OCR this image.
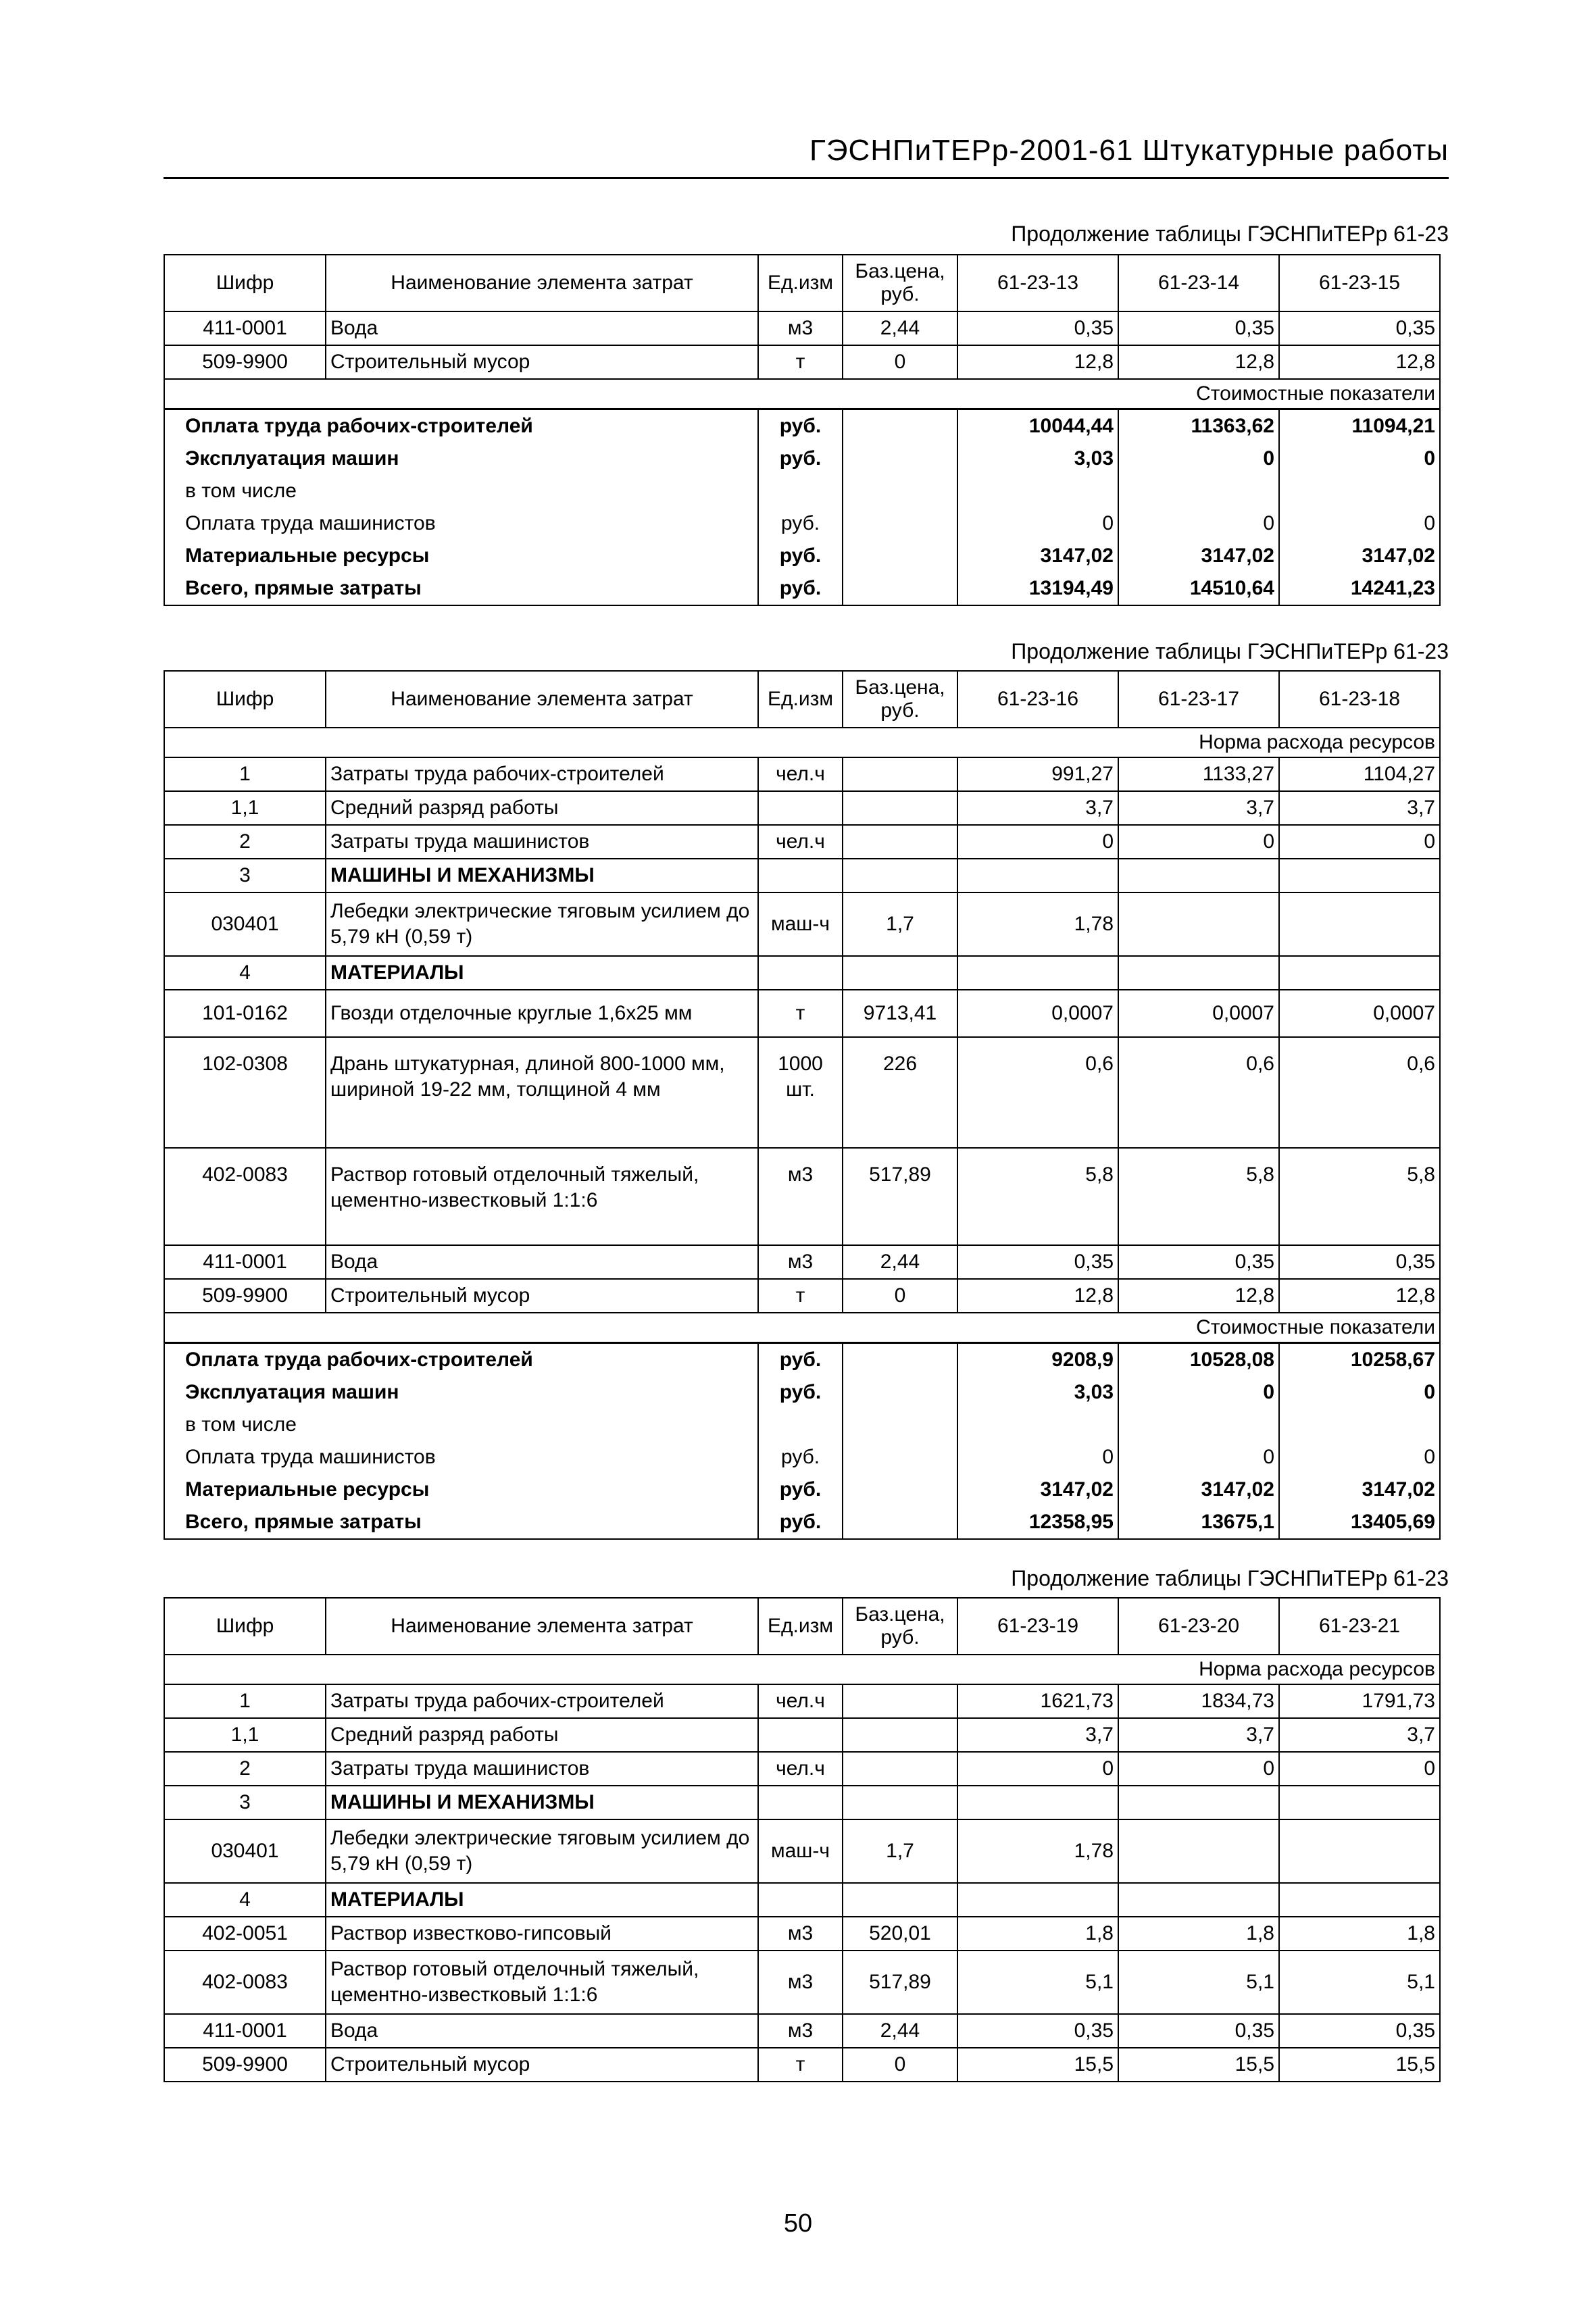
ГЭСНПиТЕРр-2001-61 Штукатурные работы
Продолжение таблицы ГЭСНПиТЕРр 61-23
Шифр	Наименование элемента затрат	Ед.изм	Баз.цена, руб.	61-23-13	61-23-14	61-23-15
411-0001	Вода	м3	2,44	0,35	0,35	0,35
509-9900	Строительный мусор	т	0	12,8	12,8	12,8
Стоимостные показатели						
Оплата труда рабочих-строителей		руб.		10044,44	11363,62	11094,21
Эксплуатация машин		руб.		3,03	0	0
в том числе						
Оплата труда машинистов		руб.		0	0	0
Материальные ресурсы		руб.		3147,02	3147,02	3147,02
Всего, прямые затраты		руб.		13194,49	14510,64	14241,23
Продолжение таблицы ГЭСНПиТЕРр 61-23
Шифр	Наименование элемента затрат	Ед.изм	Баз.цена, руб.	61-23-16	61-23-17	61-23-18
Норма расхода ресурсов						
1	Затраты труда рабочих-строителей	чел.ч		991,27	1133,27	1104,27
1,1	Средний разряд работы			3,7	3,7	3,7
2	Затраты труда машинистов	чел.ч		0	0	0
3	МАШИНЫ И МЕХАНИЗМЫ					
030401	Лебедки электрические тяговым усилием до 5,79 кН (0,59 т)	маш-ч	1,7	1,78		
4	МАТЕРИАЛЫ					
101-0162	Гвозди отделочные круглые 1,6х25 мм	т	9713,41	0,0007	0,0007	0,0007
102-0308	Дрань штукатурная, длиной 800-1000 мм, шириной 19-22 мм, толщиной 4 мм	1000 шт.	226	0,6	0,6	0,6
402-0083	Раствор готовый отделочный тяжелый, цементно-известковый 1:1:6	м3	517,89	5,8	5,8	5,8
411-0001	Вода	м3	2,44	0,35	0,35	0,35
509-9900	Строительный мусор	т	0	12,8	12,8	12,8
Стоимостные показатели						
Оплата труда рабочих-строителей		руб.		9208,9	10528,08	10258,67
Эксплуатация машин		руб.		3,03	0	0
в том числе						
Оплата труда машинистов		руб.		0	0	0
Материальные ресурсы		руб.		3147,02	3147,02	3147,02
Всего, прямые затраты		руб.		12358,95	13675,1	13405,69
Продолжение таблицы ГЭСНПиТЕРр 61-23
Шифр	Наименование элемента затрат	Ед.изм	Баз.цена, руб.	61-23-19	61-23-20	61-23-21
Норма расхода ресурсов						
1	Затраты труда рабочих-строителей	чел.ч		1621,73	1834,73	1791,73
1,1	Средний разряд работы			3,7	3,7	3,7
2	Затраты труда машинистов	чел.ч		0	0	0
3	МАШИНЫ И МЕХАНИЗМЫ					
030401	Лебедки электрические тяговым усилием до 5,79 кН (0,59 т)	маш-ч	1,7	1,78		
4	МАТЕРИАЛЫ					
402-0051	Раствор известково-гипсовый	м3	520,01	1,8	1,8	1,8
402-0083	Раствор готовый отделочный тяжелый, цементно-известковый 1:1:6	м3	517,89	5,1	5,1	5,1
411-0001	Вода	м3	2,44	0,35	0,35	0,35
509-9900	Строительный мусор	т	0	15,5	15,5	15,5
50
